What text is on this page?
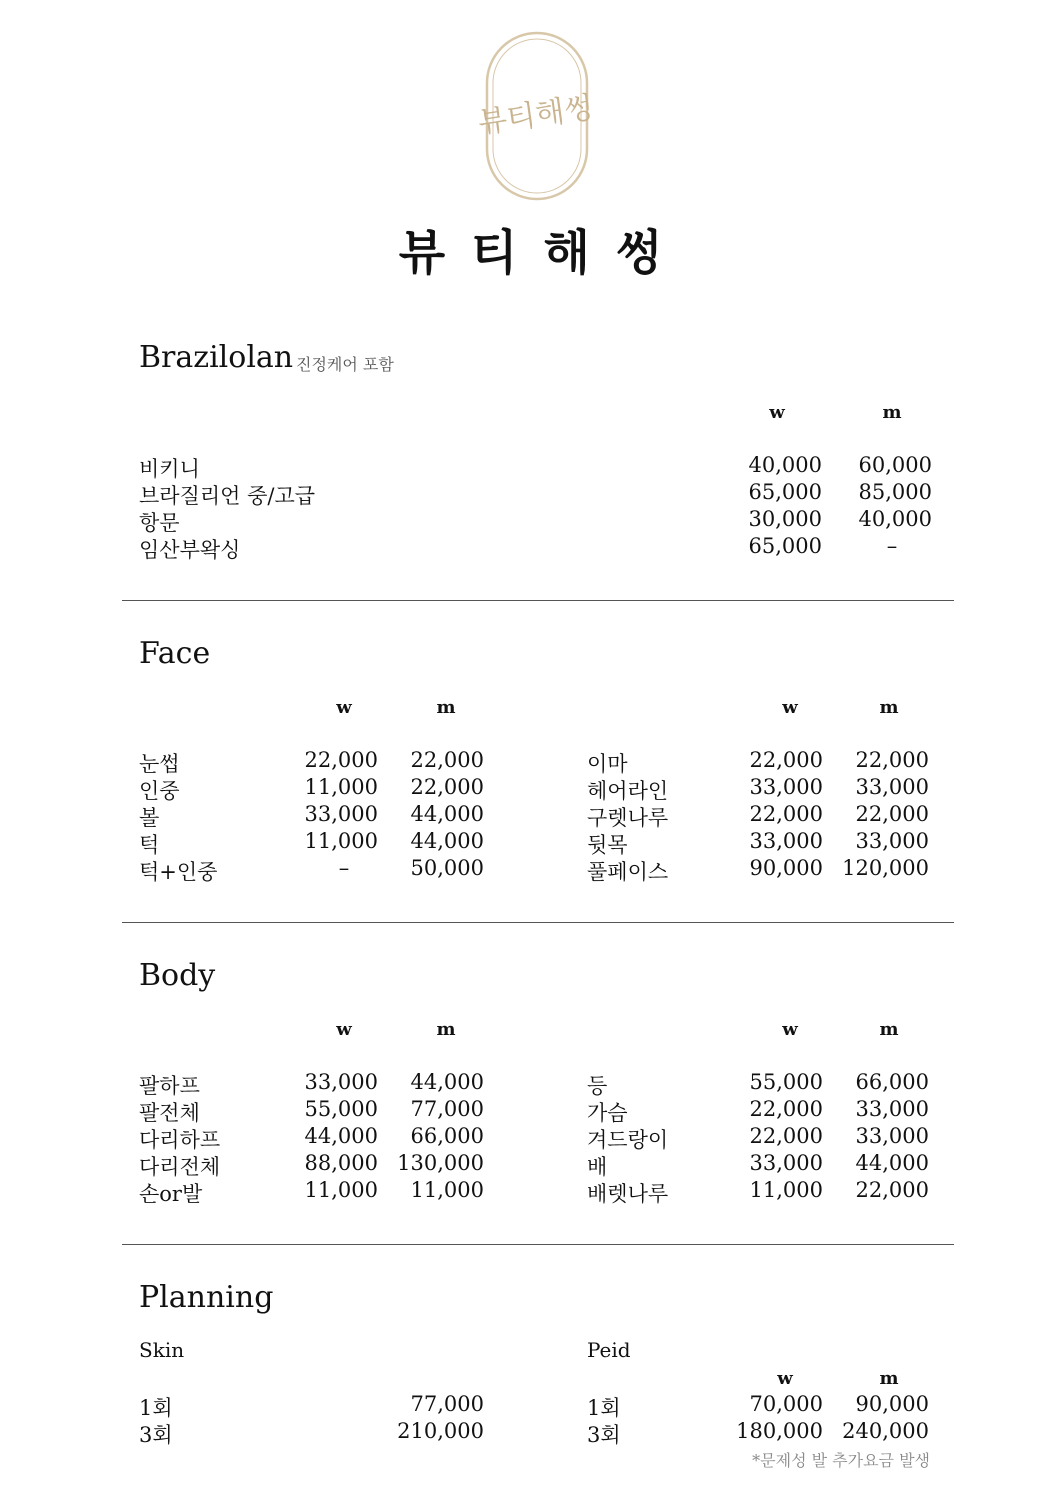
뷰티해썽
뷰티해썽
Brazilolan 진정케어 포함
w	m
비키니	40,000	60,000
브라질리언 중/고급	65,000	85,000
항문	30,000	40,000
임산부왁싱	65,000	–
Face
w	m	w	m
눈썹	22,000	22,000
인중	11,000	22,000
볼	33,000	44,000
턱	11,000	44,000
턱+인중	–	50,000
이마	22,000	22,000
헤어라인	33,000	33,000
구렛나루	22,000	22,000
뒷목	33,000	33,000
풀페이스	90,000 120,000
Body
w	m	w	m
팔하프	33,000	44,000
팔전체	55,000	77,000
다리하프	44,000	66,000
다리전체	88,000 130,000
손or발	11,000	11,000
등	55,000	66,000
가슴	22,000	33,000
겨드랑이	22,000	33,000
배	33,000	44,000
배렛나루	11,000	22,000
Planning
Skin	Peid
w	m
1회	77,000
3회	210,000
1회	70,000	90,000
3회	180,000 240,000
*문제성 발 추가요금 발생
